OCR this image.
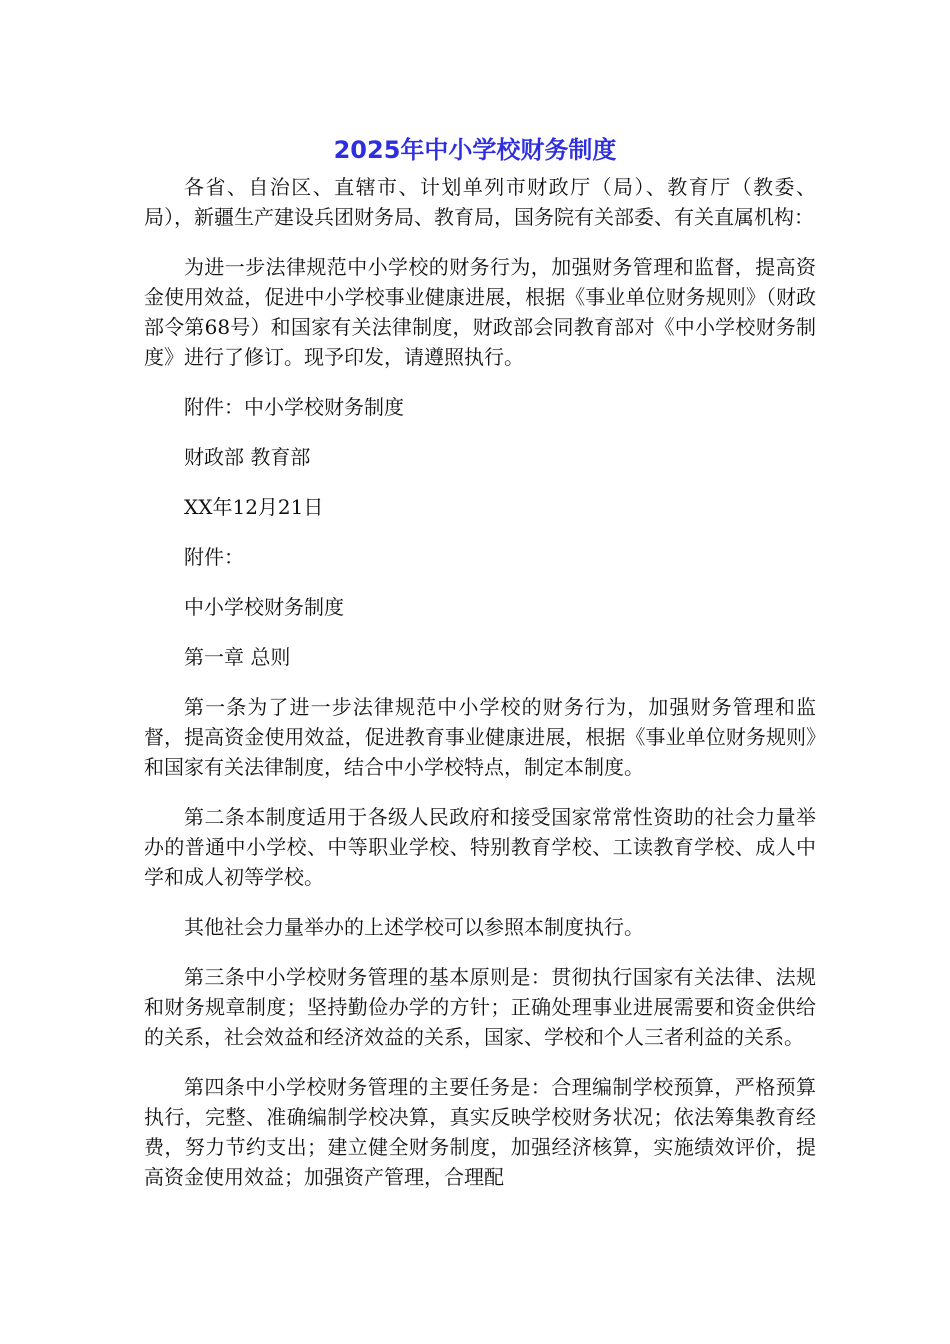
2025年中小学校财务制度

各省、自治区、直辖市、计划单列市财政厅（局）、教育厅（教委、局），新疆生产建设兵团财务局、教育局，国务院有关部委、有关直属机构：

为进一步法律规范中小学校的财务行为，加强财务管理和监督，提高资金使用效益，促进中小学校事业健康进展，根据《事业单位财务规则》（财政部令第68号）和国家有关法律制度，财政部会同教育部对《中小学校财务制度》进行了修订。现予印发，请遵照执行。

附件：中小学校财务制度

财政部 教育部

XX年12月21日

附件：

中小学校财务制度

第一章 总则

第一条为了进一步法律规范中小学校的财务行为，加强财务管理和监督，提高资金使用效益，促进教育事业健康进展，根据《事业单位财务规则》和国家有关法律制度，结合中小学校特点，制定本制度。

第二条本制度适用于各级人民政府和接受国家常常性资助的社会力量举办的普通中小学校、中等职业学校、特别教育学校、工读教育学校、成人中学和成人初等学校。

其他社会力量举办的上述学校可以参照本制度执行。

第三条中小学校财务管理的基本原则是：贯彻执行国家有关法律、法规和财务规章制度；坚持勤俭办学的方针；正确处理事业进展需要和资金供给的关系，社会效益和经济效益的关系，国家、学校和个人三者利益的关系。

第四条中小学校财务管理的主要任务是：合理编制学校预算，严格预算执行，完整、准确编制学校决算，真实反映学校财务状况；依法筹集教育经费，努力节约支出；建立健全财务制度，加强经济核算，实施绩效评价，提高资金使用效益；加强资产管理，合理配
